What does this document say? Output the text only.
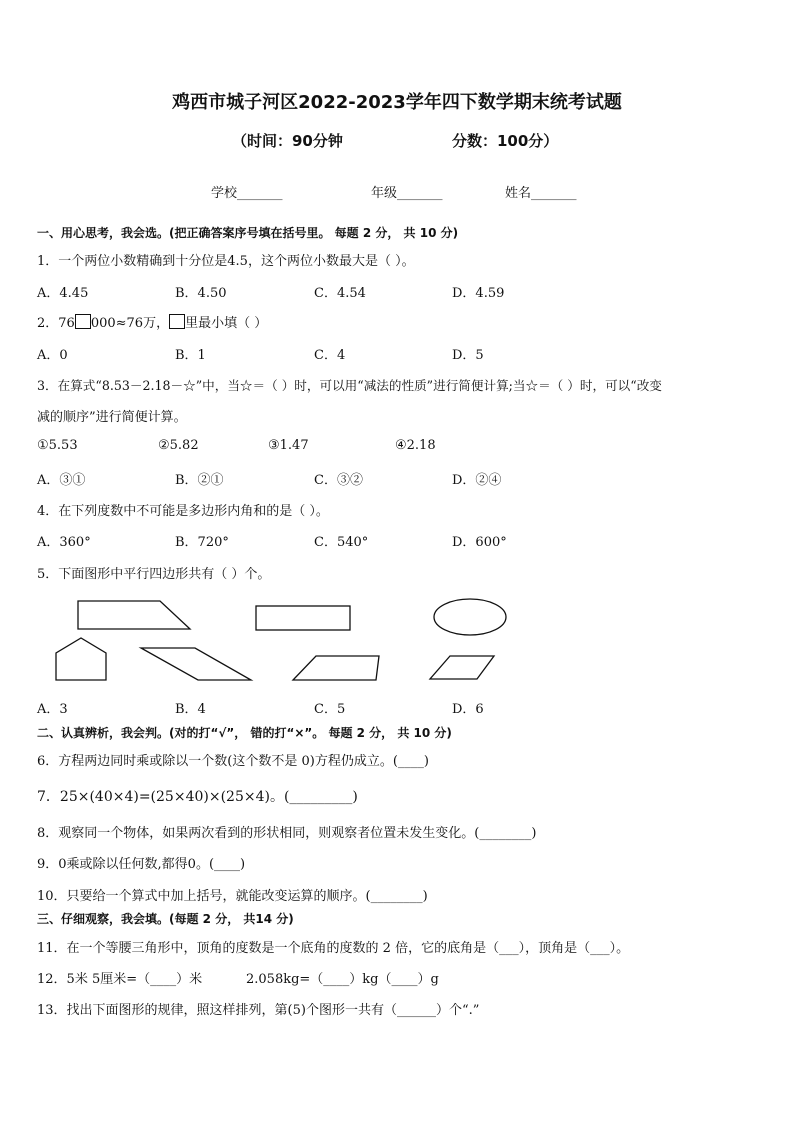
鸡西市城子河区2022-2023学年四下数学期末统考试题
（时间：90分钟	分数：100分）
学校_______	年级_______	姓名_______
一、用心思考，我会选。(把正确答案序号填在括号里。 每题 2 分， 共 10 分)
1．一个两位小数精确到十分位是4.5，这个两位小数最大是（ ）。
A．4.45	B．4.50	C．4.54	D．4.59
2．76 000≈76万， 里最小填（ ）
A．0	B．1	C．4	D．5
3．在算式“8.53－2.18－☆”中，当☆＝（ ）时，可以用“减法的性质”进行简便计算;当☆＝（ ）时，可以“改变
减的顺序”进行简便计算。
①5.53	②5.82	③1.47	④2.18
A．③①	B．②①	C．③②	D．②④
4．在下列度数中不可能是多边形内角和的是（ ）。
A．360°	B．720°	C．540°	D．600°
5．下面图形中平行四边形共有（ ）个。
A．3	B．4	C．5	D．6
二、认真辨析，我会判。(对的打“√”， 错的打“×”。 每题 2 分， 共 10 分)
6．方程两边同时乘或除以一个数(这个数不是 0)方程仍成立。(____)
7．25×(40×4)=(25×40)×(25×4)。(_________)
8．观察同一个物体，如果两次看到的形状相同，则观察者位置未发生变化。(________)
9．0乘或除以任何数,都得0。(____)
10．只要给一个算式中加上括号，就能改变运算的顺序。(________)
三、仔细观察，我会填。(每题 2 分， 共14 分)
11．在一个等腰三角形中，顶角的度数是一个底角的度数的 2 倍，它的底角是（___），顶角是（___）。
12．5米 5厘米=（____）米	2.058kg=（____）kg（____）g
13．找出下面图形的规律，照这样排列，第(5)个图形一共有（______）个“.”
